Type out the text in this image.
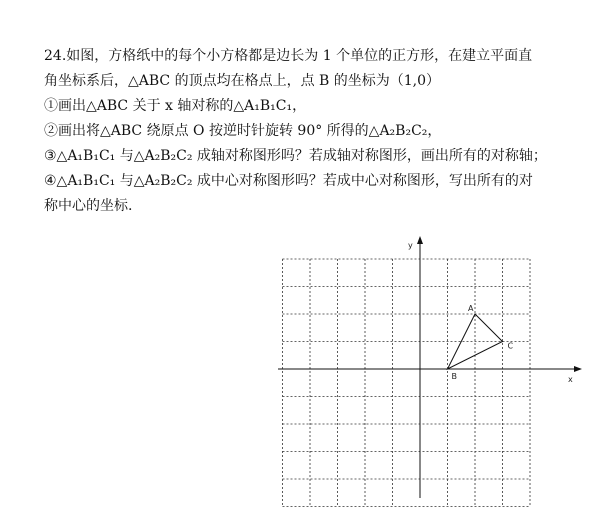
24.如图，方格纸中的每个小方格都是边长为 1 个单位的正方形，在建立平面直
角坐标系后，△ABC 的顶点均在格点上，点 B 的坐标为（1,0）
①画出△ABC 关于 x 轴对称的△A₁B₁C₁，
②画出将△ABC 绕原点 O 按逆时针旋转 90° 所得的△A₂B₂C₂，
③△A₁B₁C₁ 与△A₂B₂C₂ 成轴对称图形吗？若成轴对称图形，画出所有的对称轴；
④△A₁B₁C₁ 与△A₂B₂C₂ 成中心对称图形吗？若成中心对称图形，写出所有的对
称中心的坐标.
x
y
A
B
C
